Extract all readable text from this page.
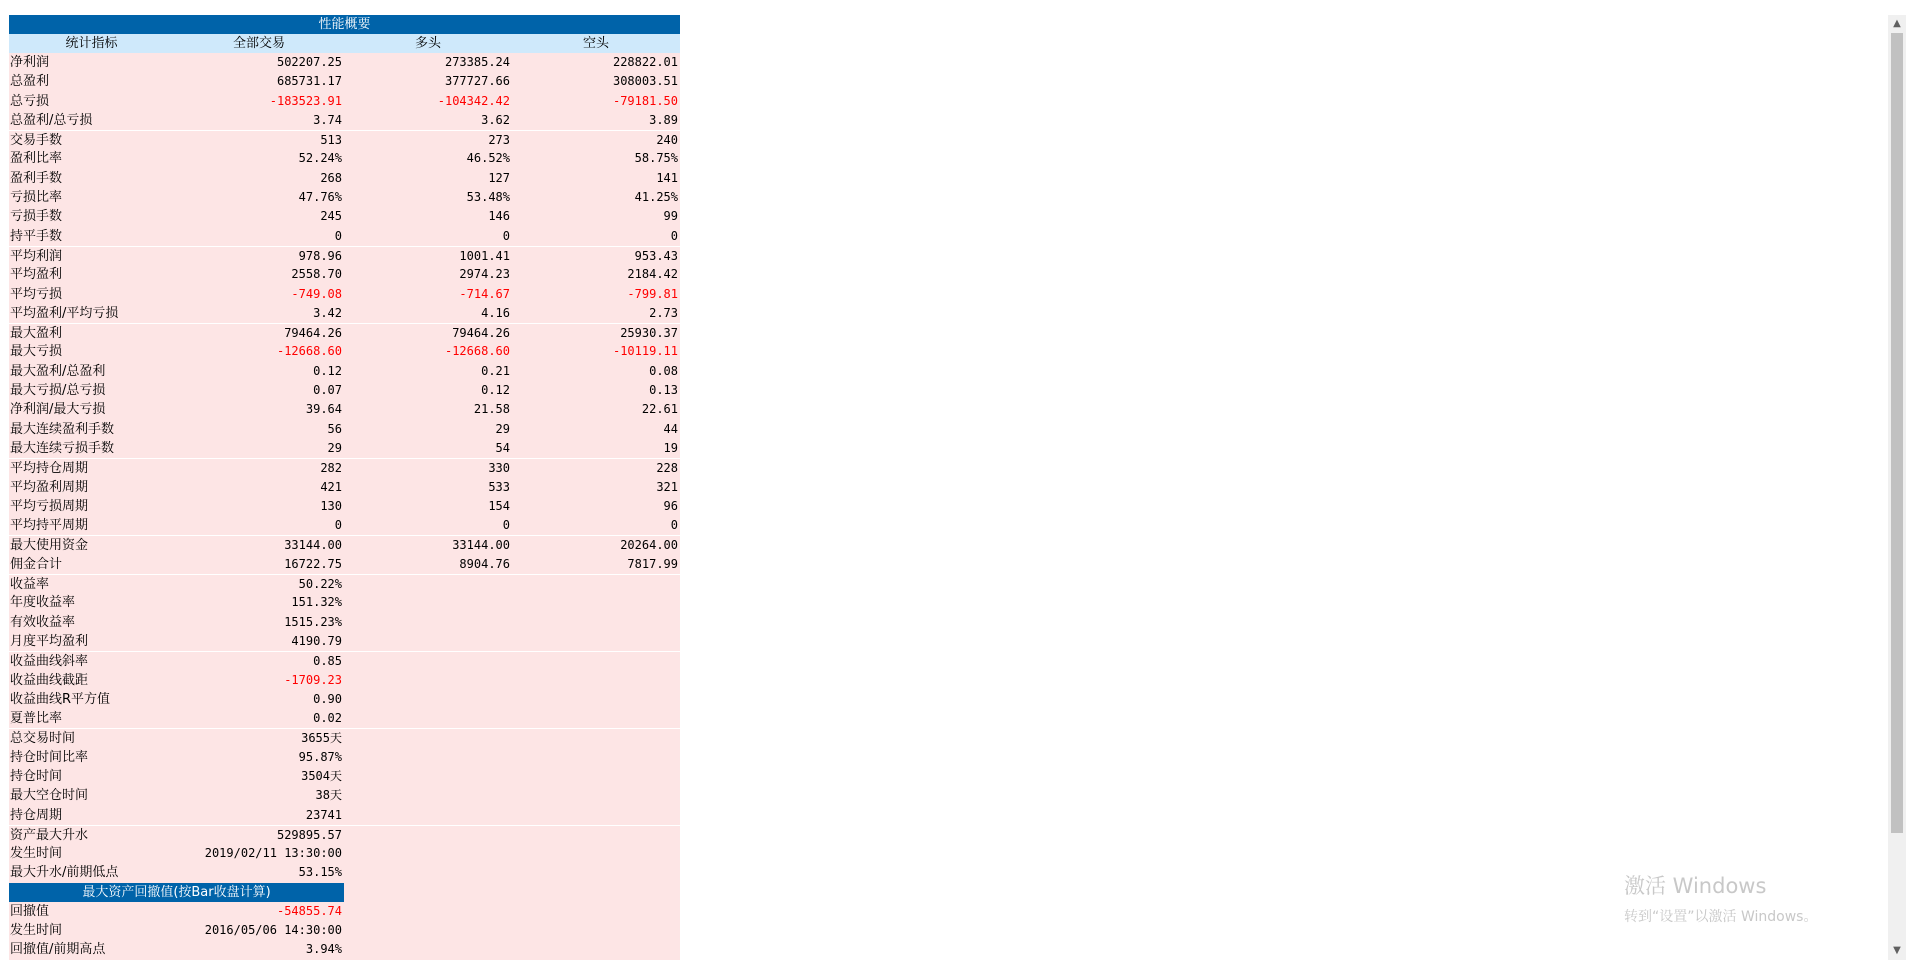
性能概要
统计指标	全部交易	多头	空头
净利润	502207.25	273385.24	228822.01
总盈利	685731.17	377727.66	308003.51
总亏损	-183523.91	-104342.42	-79181.50
总盈利/总亏损	3.74	3.62	3.89
交易手数	513	273	240
盈利比率	52.24%	46.52%	58.75%
盈利手数	268	127	141
亏损比率	47.76%	53.48%	41.25%
亏损手数	245	146	99
持平手数	0	0	0
平均利润	978.96	1001.41	953.43
平均盈利	2558.70	2974.23	2184.42
平均亏损	-749.08	-714.67	-799.81
平均盈利/平均亏损	3.42	4.16	2.73
最大盈利	79464.26	79464.26	25930.37
最大亏损	-12668.60	-12668.60	-10119.11
最大盈利/总盈利	0.12	0.21	0.08
最大亏损/总亏损	0.07	0.12	0.13
净利润/最大亏损	39.64	21.58	22.61
最大连续盈利手数	56	29	44
最大连续亏损手数	29	54	19
平均持仓周期	282	330	228
平均盈利周期	421	533	321
平均亏损周期	130	154	96
平均持平周期	0	0	0
最大使用资金	33144.00	33144.00	20264.00
佣金合计	16722.75	8904.76	7817.99
收益率	50.22%
年度收益率	151.32%
有效收益率	1515.23%
月度平均盈利	4190.79
收益曲线斜率	0.85
收益曲线截距	-1709.23
收益曲线R平方值	0.90
夏普比率	0.02
总交易时间	3655天
持仓时间比率	95.87%
持仓时间	3504天
最大空仓时间	38天
持仓周期	23741
资产最大升水	529895.57
发生时间	2019/02/11 13:30:00
最大升水/前期低点	53.15%
最大资产回撤值(按Bar收盘计算)
回撤值	-54855.74
发生时间	2016/05/06 14:30:00
回撤值/前期高点	3.94%
激活 Windows
转到“设置”以激活 Windows。
▲
▼
